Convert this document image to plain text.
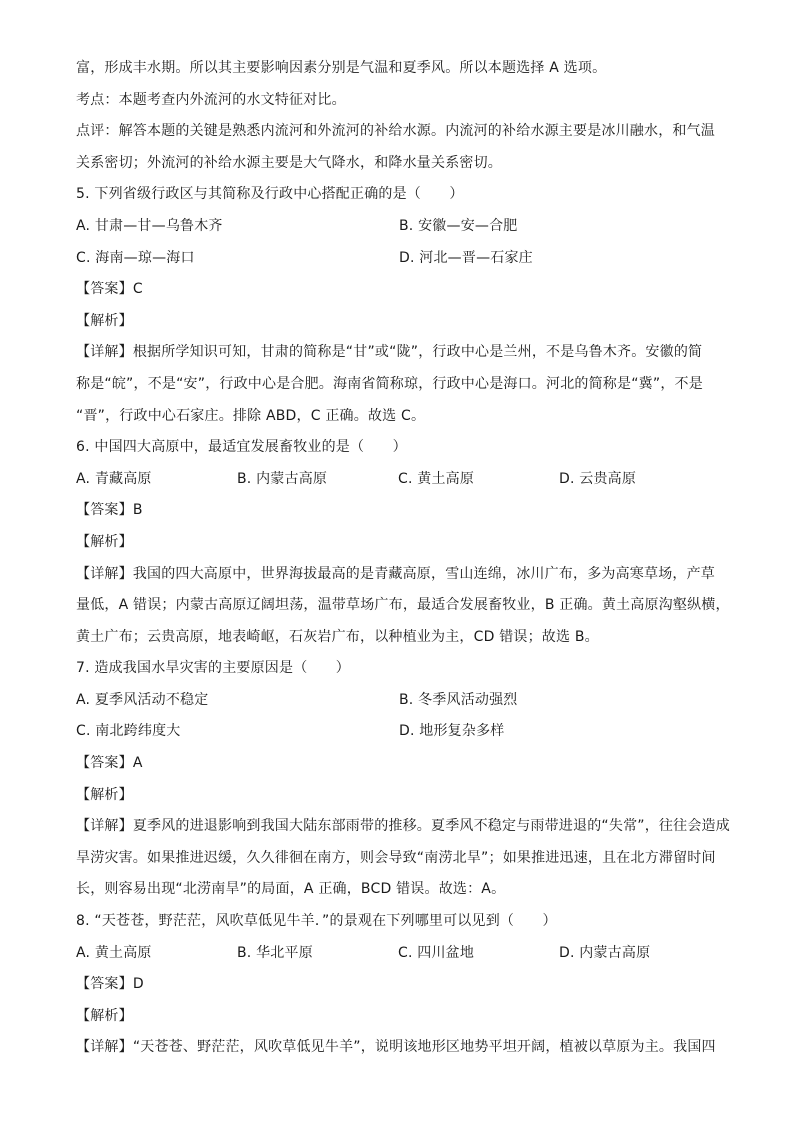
富，形成丰水期。所以其主要影响因素分别是气温和夏季风。所以本题选择 A 选项。
考点：本题考查内外流河的水文特征对比。
点评：解答本题的关键是熟悉内流河和外流河的补给水源。内流河的补给水源主要是冰川融水，和气温
关系密切；外流河的补给水源主要是大气降水，和降水量关系密切。
5. 下列省级行政区与其简称及行政中心搭配正确的是（　　）
A. 甘肃—甘—乌鲁木齐	B. 安徽—安—合肥
C. 海南—琼—海口	D. 河北—晋—石家庄
【答案】C
【解析】
【详解】根据所学知识可知，甘肃的简称是“甘”或“陇”，行政中心是兰州，不是乌鲁木齐。安徽的简
称是“皖”，不是“安”，行政中心是合肥。海南省简称琼，行政中心是海口。河北的简称是“冀”，不是
“晋”，行政中心石家庄。排除 ABD，C 正确。故选 C。
6. 中国四大高原中，最适宜发展畜牧业的是（　　）
A. 青藏高原	B. 内蒙古高原	C. 黄土高原	D. 云贵高原
【答案】B
【解析】
【详解】我国的四大高原中，世界海拔最高的是青藏高原，雪山连绵，冰川广布，多为高寒草场，产草
量低，A 错误；内蒙古高原辽阔坦荡，温带草场广布，最适合发展畜牧业，B 正确。黄土高原沟壑纵横，
黄土广布；云贵高原，地表崎岖，石灰岩广布，以种植业为主，CD 错误；故选 B。
7. 造成我国水旱灾害的主要原因是（　　）
A. 夏季风活动不稳定	B. 冬季风活动强烈
C. 南北跨纬度大	D. 地形复杂多样
【答案】A
【解析】
【详解】夏季风的进退影响到我国大陆东部雨带的推移。夏季风不稳定与雨带进退的“失常”，往往会造成
旱涝灾害。如果推进迟缓，久久徘徊在南方，则会导致“南涝北旱”；如果推进迅速，且在北方滞留时间
长，则容易出现“北涝南旱”的局面，A 正确，BCD 错误。故选：A。
8. “天苍苍，野茫茫，风吹草低见牛羊．”的景观在下列哪里可以见到（　　）
A. 黄土高原	B. 华北平原	C. 四川盆地	D. 内蒙古高原
【答案】D
【解析】
【详解】“天苍苍、野茫茫，风吹草低见牛羊”，说明该地形区地势平坦开阔，植被以草原为主。我国四
